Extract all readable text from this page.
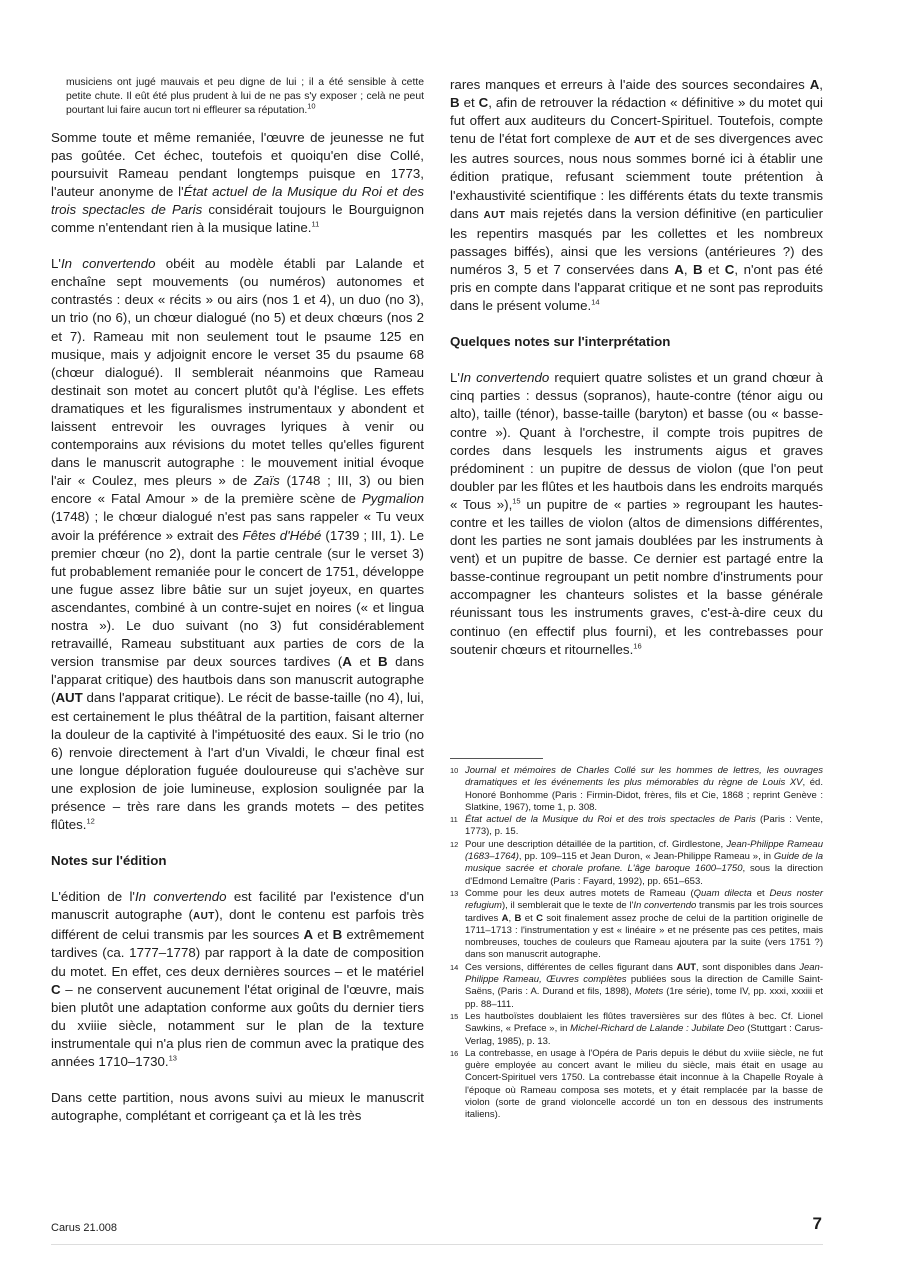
musiciens ont jugé mauvais et peu digne de lui ; il a été sensible à cette petite chute. Il eût été plus prudent à lui de ne pas s'y exposer ; celà ne peut pourtant lui faire aucun tort ni effleurer sa réputation.$^{10}$

Somme toute et même remaniée, l'œuvre de jeunesse ne fut pas goûtée. Cet échec, toutefois et quoiqu'en dise Collé, poursuivit Rameau pendant longtemps puisque en 1773, l'auteur anonyme de l'État actuel de la Musique du Roi et des trois spectacles de Paris considérait toujours le Bourguignon comme n'entendant rien à la musique latine.$^{11}$

L'In convertendo obéit au modèle établi par Lalande et enchaîne sept mouvements (ou numéros) autonomes et contrastés : deux « récits » ou airs (nos 1 et 4), un duo (no 3), un trio (no 6), un chœur dialogué (no 5) et deux chœurs (nos 2 et 7). Rameau mit non seulement tout le psaume 125 en musique, mais y adjoignit encore le verset 35 du psaume 68 (chœur dialogué). Il semblerait néanmoins que Rameau destinait son motet au concert plutôt qu'à l'église. Les effets dramatiques et les figuralismes instrumentaux y abondent et laissent entrevoir les ouvrages lyriques à venir ou contemporains aux révisions du motet telles qu'elles figurent dans le manuscrit autographe : le mouvement initial évoque l'air « Coulez, mes pleurs » de Zaïs (1748 ; III, 3) ou bien encore « Fatal Amour » de la première scène de Pygmalion (1748) ; le chœur dialogué n'est pas sans rappeler « Tu veux avoir la préférence » extrait des Fêtes d'Hébé (1739 ; III, 1). Le premier chœur (no 2), dont la partie centrale (sur le verset 3) fut probablement remaniée pour le concert de 1751, développe une fugue assez libre bâtie sur un sujet joyeux, en quartes ascendantes, combiné à un contre-sujet en noires (« et lingua nostra »). Le duo suivant (no 3) fut considérablement retravaillé, Rameau substituant aux parties de cors de la version transmise par deux sources tardives (A et B dans l'apparat critique) des hautbois dans son manuscrit autographe (AUT dans l'apparat critique). Le récit de basse-taille (no 4), lui, est certainement le plus théâtral de la partition, faisant alterner la douleur de la captivité à l'impétuosité des eaux. Si le trio (no 6) renvoie directement à l'art d'un Vivaldi, le chœur final est une longue déploration fuguée douloureuse qui s'achève sur une explosion de joie lumineuse, explosion soulignée par la présence – très rare dans les grands motets – des petites flûtes.$^{12}$

Notes sur l'édition

L'édition de l'In convertendo est facilité par l'existence d'un manuscrit autographe (AUT), dont le contenu est parfois très différent de celui transmis par les sources A et B extrêmement tardives (ca. 1777–1778) par rapport à la date de composition du motet. En effet, ces deux dernières sources – et le matériel C – ne conservent aucunement l'état original de l'œuvre, mais bien plutôt une adaptation conforme aux goûts du dernier tiers du xviiie siècle, notamment sur le plan de la texture instrumentale qui n'a plus rien de commun avec la pratique des années 1710–1730.13

Dans cette partition, nous avons suivi au mieux le manuscrit autographe, complétant et corrigeant ça et là les très

rares manques et erreurs à l'aide des sources secondaires A, B et C, afin de retrouver la rédaction « définitive » du motet qui fut offert aux auditeurs du Concert-Spirituel. Toutefois, compte tenu de l'état fort complexe de AUT et de ses divergences avec les autres sources, nous nous sommes borné ici à établir une édition pratique, refusant sciemment toute prétention à l'exhaustivité scientifique : les différents états du texte transmis dans AUT mais rejetés dans la version définitive (en particulier les repentirs masqués par les collettes et les nombreux passages biffés), ainsi que les versions (antérieures ?) des numéros 3, 5 et 7 conservées dans A, B et C, n'ont pas été pris en compte dans l'apparat critique et ne sont pas reproduits dans le présent volume.$^{14}$

Quelques notes sur l'interprétation

L'In convertendo requiert quatre solistes et un grand chœur à cinq parties : dessus (sopranos), haute-contre (ténor aigu ou alto), taille (ténor), basse-taille (baryton) et basse (ou « basse-contre »). Quant à l'orchestre, il compte trois pupitres de cordes dans lesquels les instruments aigus et graves prédominent : un pupitre de dessus de violon (que l'on peut doubler par les flûtes et les hautbois dans les endroits marqués « Tous »),$^{15}$ un pupitre de « parties » regroupant les hautes-contre et les tailles de violon (altos de dimensions différentes, dont les parties ne sont jamais doublées par les instruments à vent) et un pupitre de basse. Ce dernier est partagé entre la basse-continue regroupant un petit nombre d'instruments pour accompagner les chanteurs solistes et la basse générale réunissant tous les instruments graves, c'est-à-dire ceux du continuo (en effectif plus fourni), et les contrebasses pour soutenir chœurs et ritournelles.$^{16}$

10 Journal et mémoires de Charles Collé sur les hommes de lettres, les ouvrages dramatiques et les événements les plus mémorables du règne de Louis XV, éd. Honoré Bonhomme (Paris : Firmin-Didot, frères, fils et Cie, 1868 ; reprint Genève : Slatkine, 1967), tome 1, p. 308.

11 État actuel de la Musique du Roi et des trois spectacles de Paris (Paris : Vente, 1773), p. 15.

12 Pour une description détaillée de la partition, cf. Girdlestone, Jean-Philippe Rameau (1683–1764), pp. 109–115 et Jean Duron, « Jean-Philippe Rameau », in Guide de la musique sacrée et chorale profane. L'âge baroque 1600–1750, sous la direction d'Edmond Lemaître (Paris : Fayard, 1992), pp. 651–653.

13 Comme pour les deux autres motets de Rameau (Quam dilecta et Deus noster refugium), il semblerait que le texte de l'In convertendo transmis par les trois sources tardives A, B et C soit finalement assez proche de celui de la partition originelle de 1711–1713 : l'instrumentation y est « linéaire » et ne présente pas ces petites, mais nombreuses, touches de couleurs que Rameau ajoutera par la suite (vers 1751 ?) dans son manuscrit autographe.

14 Ces versions, différentes de celles figurant dans AUT, sont disponibles dans Jean-Philippe Rameau, Œuvres complètes publiées sous la direction de Camille Saint-Saëns, (Paris : A. Durand et fils, 1898), Motets (1re série), tome IV, pp. xxxi, xxxiii et pp. 88–111.

15 Les hautboïstes doublaient les flûtes traversières sur des flûtes à bec. Cf. Lionel Sawkins, « Preface », in Michel-Richard de Lalande : Jubilate Deo (Stuttgart : Carus-Verlag, 1985), p. 13.

16 La contrebasse, en usage à l'Opéra de Paris depuis le début du xviiie siècle, ne fut guère employée au concert avant le milieu du siècle, mais était en usage au Concert-Spirituel vers 1750. La contrebasse était inconnue à la Chapelle Royale à l'époque où Rameau composa ses motets, et y était remplacée par la basse de violon (sorte de grand violoncelle accordé un ton en dessous des instruments italiens).

Carus 21.008	7
